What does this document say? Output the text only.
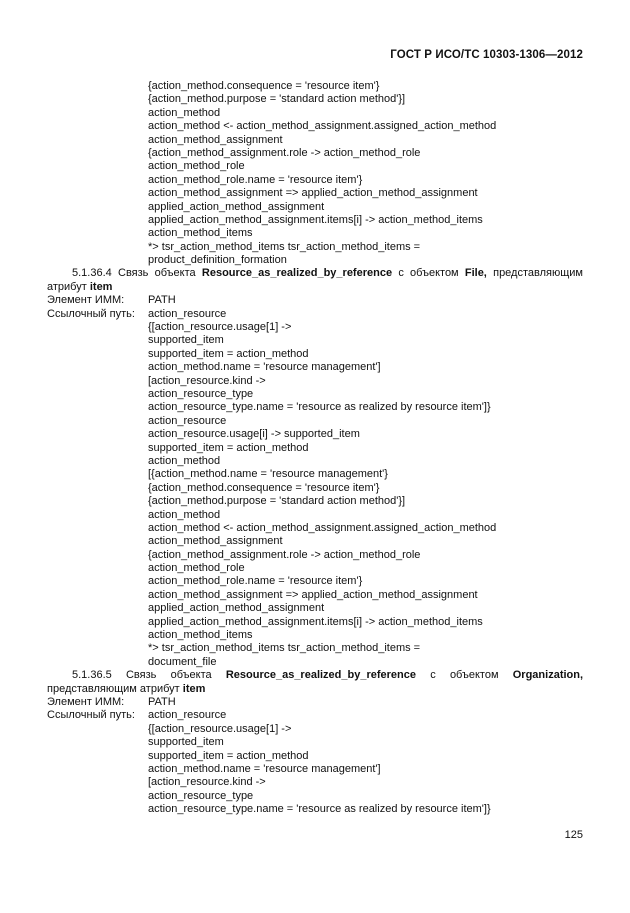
ГОСТ Р ИСО/ТС 10303-1306—2012
{action_method.consequence = 'resource item'}
{action_method.purpose = 'standard action method'}]
action_method
action_method <- action_method_assignment.assigned_action_method
action_method_assignment
{action_method_assignment.role -> action_method_role
action_method_role
action_method_role.name = 'resource item'}
action_method_assignment => applied_action_method_assignment
applied_action_method_assignment
applied_action_method_assignment.items[i] -> action_method_items
action_method_items
*> tsr_action_method_items tsr_action_method_items =
product_definition_formation

5.1.36.4 Связь объекта Resource_as_realized_by_reference с объектом File, представляющим атрибут item

Элемент ИММ:	PATH
Ссылочный путь:	action_resource
{[action_resource.usage[1] ->
supported_item
supported_item = action_method
action_method.name = 'resource management']
[action_resource.kind ->
action_resource_type
action_resource_type.name = 'resource as realized by resource item']}
action_resource
action_resource.usage[i] -> supported_item
supported_item = action_method
action_method
[{action_method.name = 'resource management'}
{action_method.consequence = 'resource item'}
{action_method.purpose = 'standard action method'}]
action_method
action_method <- action_method_assignment.assigned_action_method
action_method_assignment
{action_method_assignment.role -> action_method_role
action_method_role
action_method_role.name = 'resource item'}
action_method_assignment => applied_action_method_assignment
applied_action_method_assignment
applied_action_method_assignment.items[i] -> action_method_items
action_method_items
*> tsr_action_method_items tsr_action_method_items =
document_file

5.1.36.5 Связь объекта Resource_as_realized_by_reference с объектом Organization, представляющим атрибут item

Элемент ИММ:	PATH
Ссылочный путь:	action_resource
{[action_resource.usage[1] ->
supported_item
supported_item = action_method
action_method.name = 'resource management']
[action_resource.kind ->
action_resource_type
action_resource_type.name = 'resource as realized by resource item']}
125
